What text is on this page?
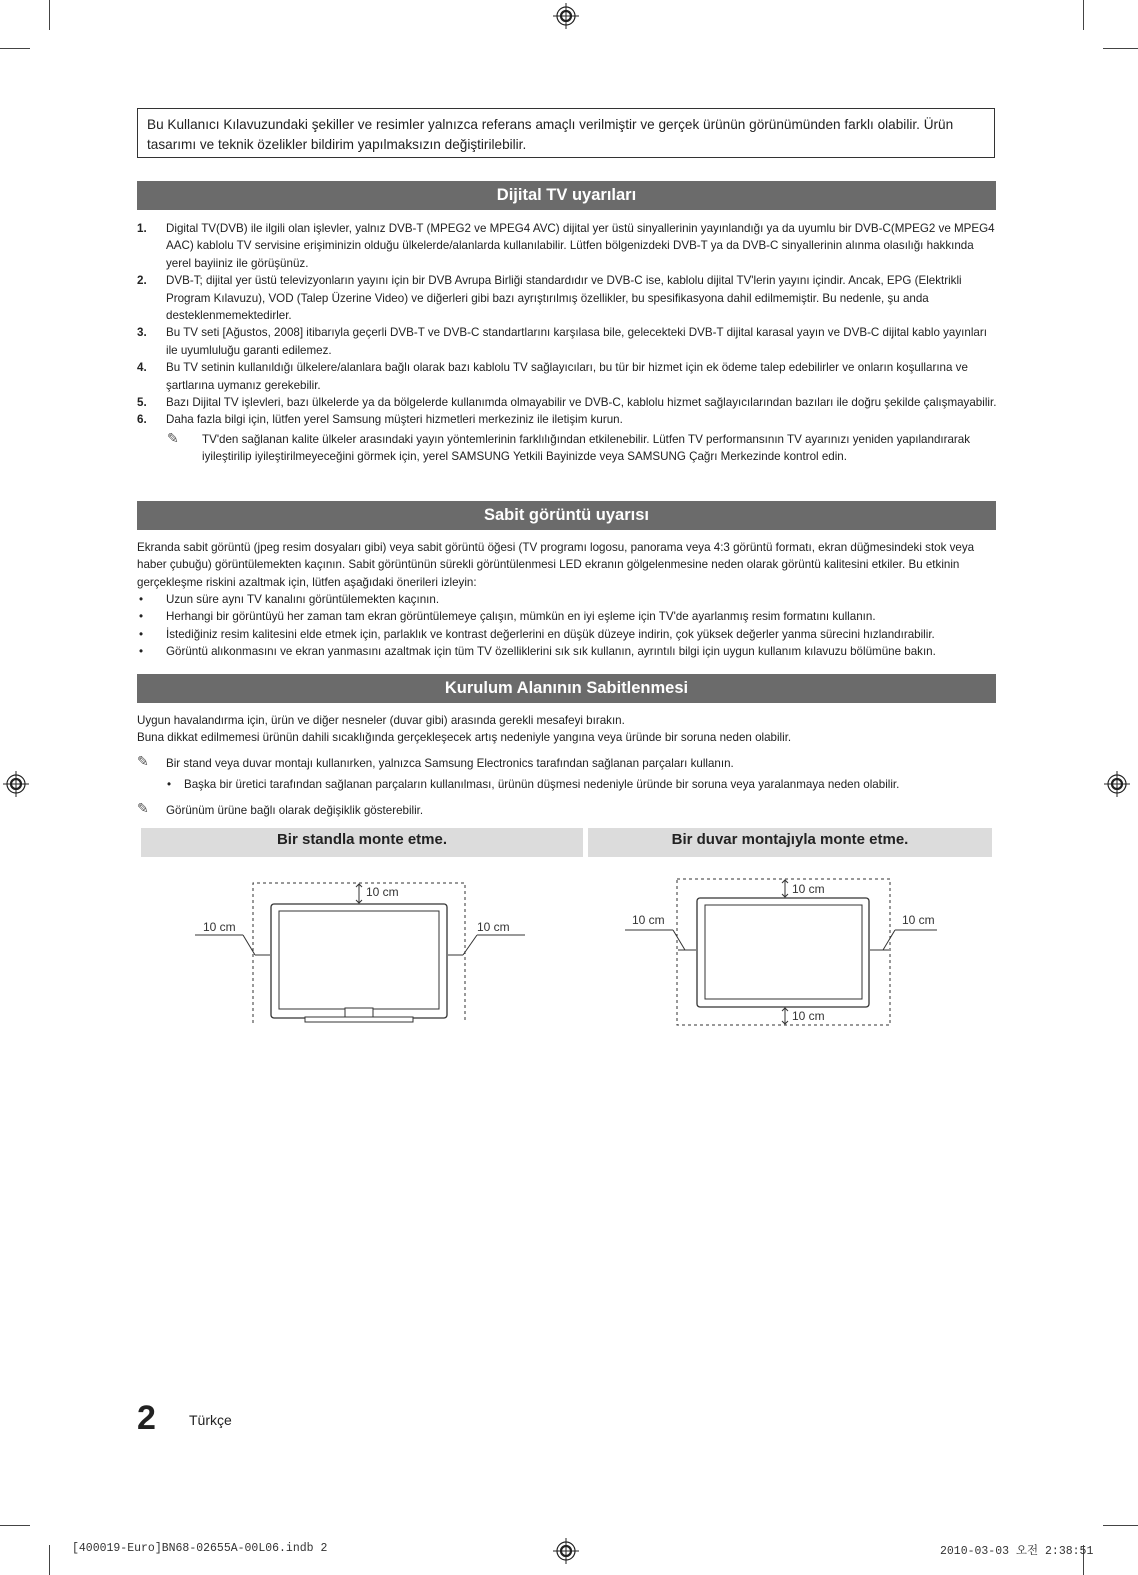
Bu Kullanıcı Kılavuzundaki şekiller ve resimler yalnızca referans amaçlı verilmiştir ve gerçek ürünün görünümünden farklı olabilir. Ürün tasarımı ve teknik özelikler bildirim yapılmaksızın değiştirilebilir.
Dijital TV uyarıları
1. Digital TV(DVB) ile ilgili olan işlevler, yalnız DVB-T (MPEG2 ve MPEG4 AVC) dijital yer üstü sinyallerinin yayınlandığı ya da uyumlu bir DVB-C(MPEG2 ve MPEG4 AAC) kablolu TV servisine erişiminizin olduğu ülkelerde/alanlarda kullanılabilir. Lütfen bölgenizdeki DVB-T ya da DVB-C sinyallerinin alınma olasılığı hakkında yerel bayiiniz ile görüşünüz.
2. DVB-T; dijital yer üstü televizyonların yayını için bir DVB Avrupa Birliği standardıdır ve DVB-C ise, kablolu dijital TV'lerin yayını içindir. Ancak, EPG (Elektrikli Program Kılavuzu), VOD (Talep Üzerine Video) ve diğerleri gibi bazı ayrıştırılmış özellikler, bu spesifikasyona dahil edilmemiştir. Bu nedenle, şu anda desteklenmemektedirler.
3. Bu TV seti [Ağustos, 2008] itibarıyla geçerli DVB-T ve DVB-C standartlarını karşılasa bile, gelecekteki DVB-T dijital karasal yayın ve DVB-C dijital kablo yayınları ile uyumluluğu garanti edilemez.
4. Bu TV setinin kullanıldığı ülkelere/alanlara bağlı olarak bazı kablolu TV sağlayıcıları, bu tür bir hizmet için ek ödeme talep edebilirler ve onların koşullarına ve şartlarına uymanız gerekebilir.
5. Bazı Dijital TV işlevleri, bazı ülkelerde ya da bölgelerde kullanımda olmayabilir ve DVB-C, kablolu hizmet sağlayıcılarından bazıları ile doğru şekilde çalışmayabilir.
6. Daha fazla bilgi için, lütfen yerel Samsung müşteri hizmetleri merkeziniz ile iletişim kurun.
✎ TV'den sağlanan kalite ülkeler arasındaki yayın yöntemlerinin farklılığından etkilenebilir. Lütfen TV performansının TV ayarınızı yeniden yapılandırarak iyileştirilip iyileştirilmeyeceğini görmek için, yerel SAMSUNG Yetkili Bayinizde veya SAMSUNG Çağrı Merkezinde kontrol edin.
Sabit görüntü uyarısı
Ekranda sabit görüntü (jpeg resim dosyaları gibi) veya sabit görüntü öğesi (TV programı logosu, panorama veya 4:3 görüntü formatı, ekran düğmesindeki stok veya haber çubuğu) görüntülemekten kaçının. Sabit görüntünün sürekli görüntülenmesi LED ekranın gölgelenmesine neden olarak görüntü kalitesini etkiler. Bu etkinin gerçekleşme riskini azaltmak için, lütfen aşağıdaki önerileri izleyin:
• Uzun süre aynı TV kanalını görüntülemekten kaçının.
• Herhangi bir görüntüyü her zaman tam ekran görüntülemeye çalışın, mümkün en iyi eşleme için TV'de ayarlanmış resim formatını kullanın.
• İstediğiniz resim kalitesini elde etmek için, parlaklık ve kontrast değerlerini en düşük düzeye indirin, çok yüksek değerler yanma sürecini hızlandırabilir.
• Görüntü alıkonmasını ve ekran yanmasını azaltmak için tüm TV özelliklerini sık sık kullanın, ayrıntılı bilgi için uygun kullanım kılavuzu bölümüne bakın.
Kurulum Alanının Sabitlenmesi
Uygun havalandırma için, ürün ve diğer nesneler (duvar gibi) arasında gerekli mesafeyi bırakın.
Buna dikkat edilmemesi ürünün dahili sıcaklığında gerçekleşecek artış nedeniyle yangına veya üründe bir soruna neden olabilir.
✎ Bir stand veya duvar montajı kullanırken, yalnızca Samsung Electronics tarafından sağlanan parçaları kullanın.
• Başka bir üretici tarafından sağlanan parçaların kullanılması, ürünün düşmesi nedeniyle üründe bir soruna veya yaralanmaya neden olabilir.
✎ Görünüm ürüne bağlı olarak değişiklik gösterebilir.
Bir standla monte etme.	Bir duvar montajıyla monte etme.
10 cm
10 cm	10 cm
10 cm
10 cm
10 cm	10 cm
2 Türkçe
[400019-Euro]BN68-02655A-00L06.indb 2	2010-03-03 오전 2:38:51
